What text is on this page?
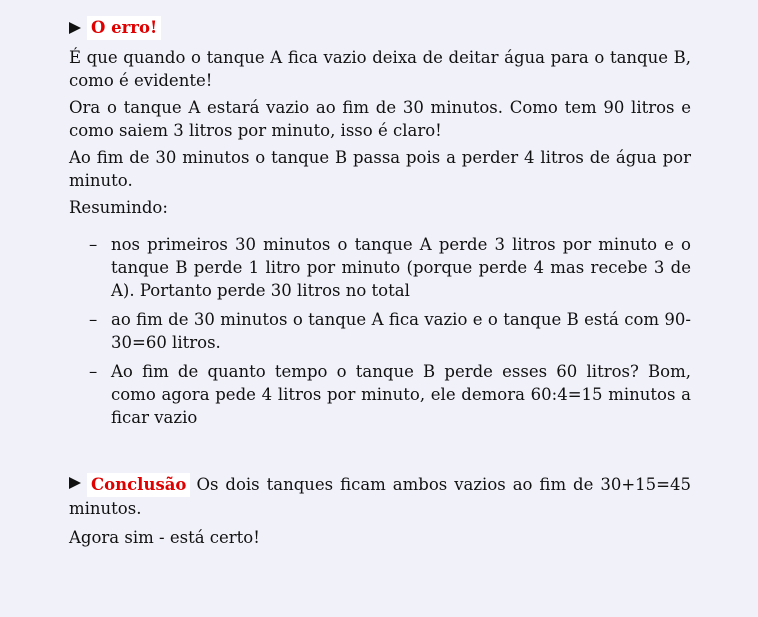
O erro!

É que quando o tanque A fica vazio deixa de deitar água para o tanque B, como é evidente!

Ora o tanque A estará vazio ao fim de 30 minutos. Como tem 90 litros e como saiem 3 litros por minuto, isso é claro!

Ao fim de 30 minutos o tanque B passa pois a perder 4 litros de água por minuto.

Resumindo:

– nos primeiros 30 minutos o tanque A perde 3 litros por minuto e o tanque B perde 1 litro por minuto (porque perde 4 mas recebe 3 de A). Portanto perde 30 litros no total
– ao fim de 30 minutos o tanque A fica vazio e o tanque B está com 90-30=60 litros.
– Ao fim de quanto tempo o tanque B perde esses 60 litros? Bom, como agora pede 4 litros por minuto, ele demora 60:4=15 minutos a ficar vazio
Conclusão Os dois tanques ficam ambos vazios ao fim de 30+15=45 minutos.

Agora sim - está certo!
